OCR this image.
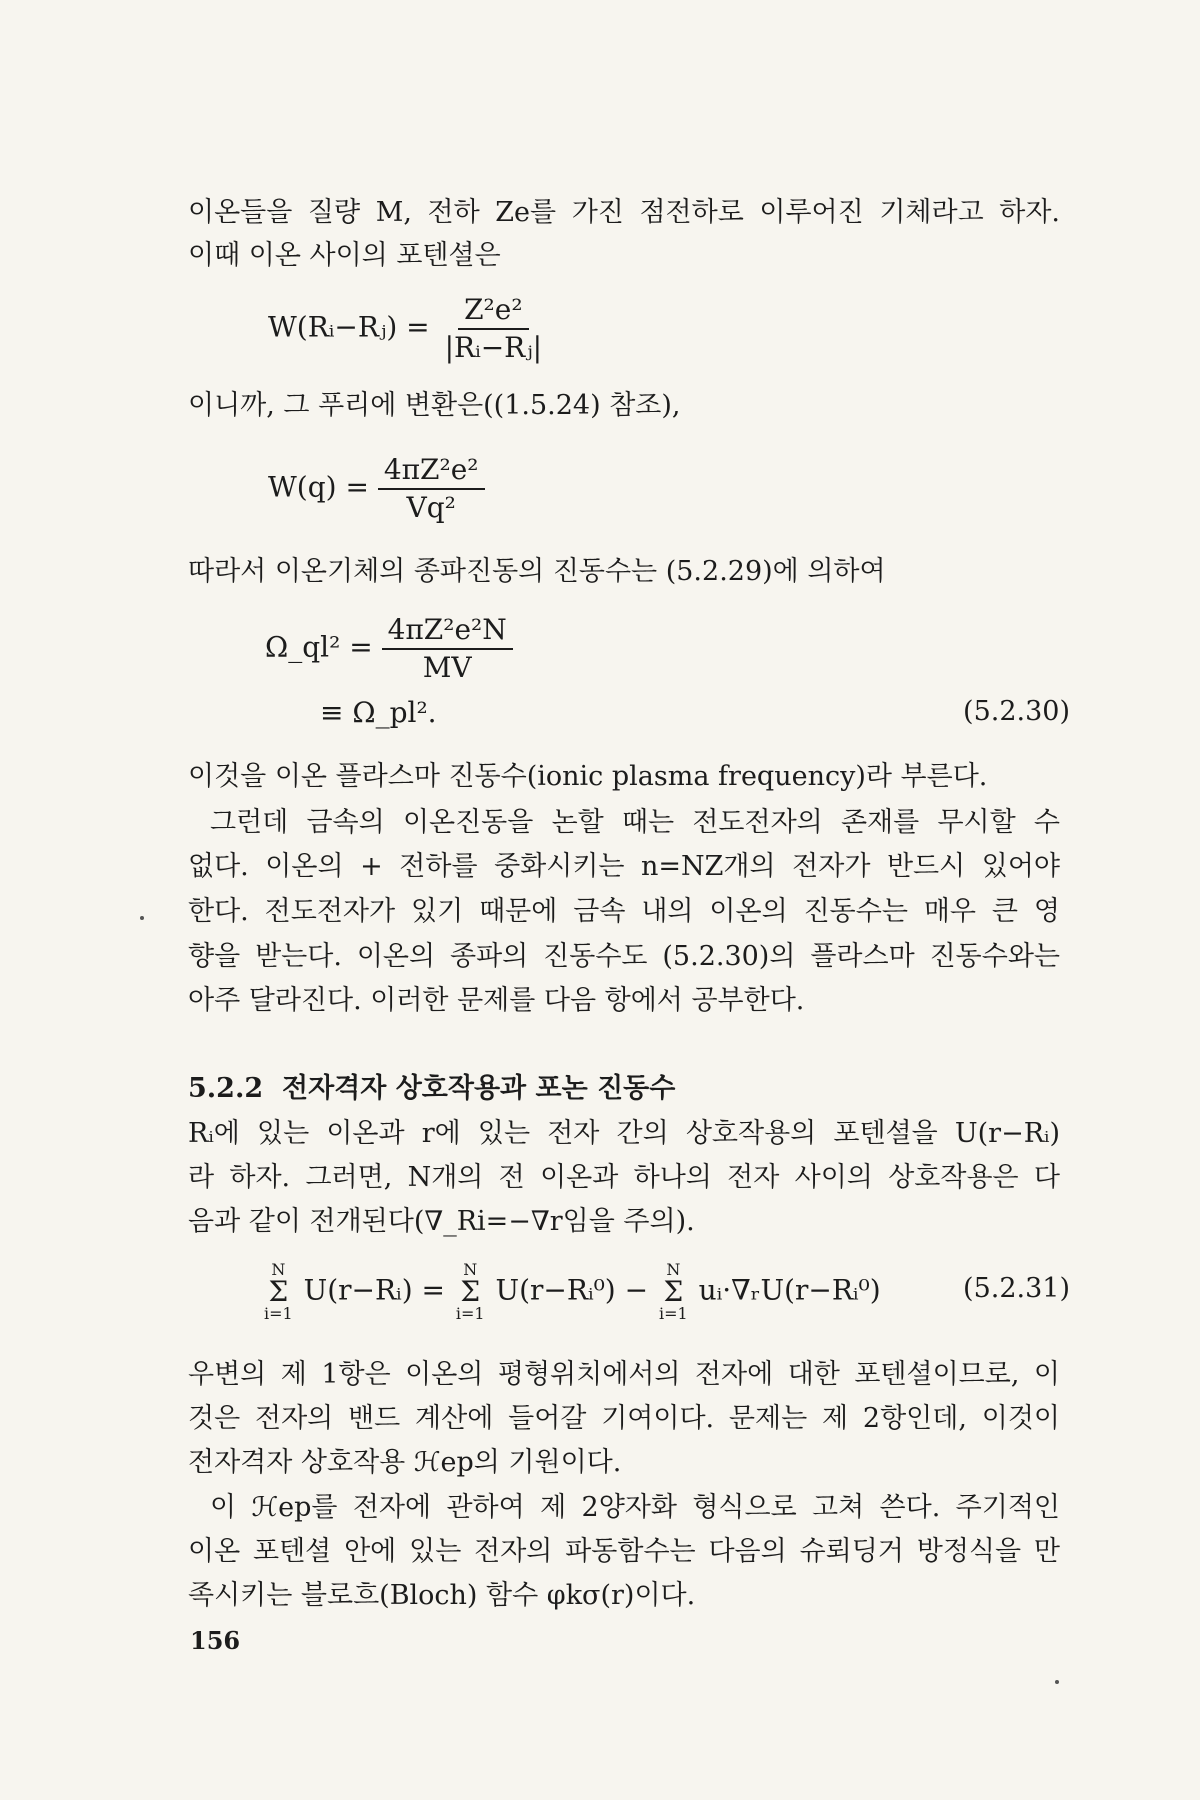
이온들을 질량 M, 전하 Ze를 가진 점전하로 이루어진 기체라고 하자.
이때 이온 사이의 포텐셜은
W(Rᵢ−Rⱼ) = $\frac{\text{Z²e²}}{\text{|Rᵢ−Rⱼ|}}$
이니까, 그 푸리에 변환은((1.5.24) 참조),
$W(q) = \frac{\text{4πZ²e²}}{\text{Vq²}}$
따라서 이온기체의 종파진동의 진동수는 (5.2.29)에 의하여
Ω_ql² = $\frac{\text{4πZ²e²N}}{MV}$
≡ Ω_pl².	(5.2.30)
이것을 이온 플라스마 진동수(ionic plasma frequency)라 부른다.
그런데 금속의 이온진동을 논할 때는 전도전자의 존재를 무시할 수
없다. 이온의 + 전하를 중화시키는 n=NZ개의 전자가 반드시 있어야
한다. 전도전자가 있기 때문에 금속 내의 이온의 진동수는 매우 큰 영
향을 받는다. 이온의 종파의 진동수도 (5.2.30)의 플라스마 진동수와는
아주 달라진다. 이러한 문제를 다음 항에서 공부한다.
5.2.2 전자격자 상호작용과 포논 진동수
Rᵢ에 있는 이온과 r에 있는 전자 간의 상호작용의 포텐셜을 U(r−Rᵢ)
라 하자. 그러면, N개의 전 이온과 하나의 전자 사이의 상호작용은 다
음과 같이 전개된다(∇_Ri=−∇r임을 주의).
N
Σ
i=1
U(r−Rᵢ) =
N
Σ
i=1
U(r−Rᵢ⁰) −
N
Σ
i=1
uᵢ·∇ᵣU(r−Rᵢ⁰)	(5.2.31)
우변의 제 1항은 이온의 평형위치에서의 전자에 대한 포텐셜이므로, 이
것은 전자의 밴드 계산에 들어갈 기여이다. 문제는 제 2항인데, 이것이
전자격자 상호작용 ℋep의 기원이다.
이 ℋep를 전자에 관하여 제 2양자화 형식으로 고쳐 쓴다. 주기적인
이온 포텐셜 안에 있는 전자의 파동함수는 다음의 슈뢰딩거 방정식을 만
족시키는 블로흐(Bloch) 함수 φkσ(r)이다.
156
